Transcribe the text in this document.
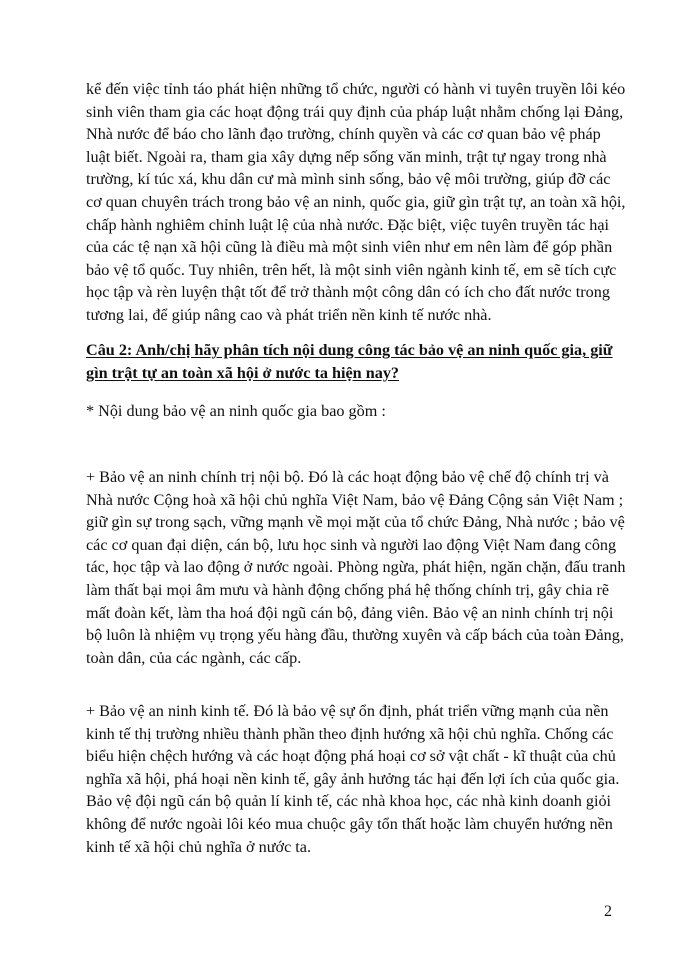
kể đến việc tỉnh táo phát hiện những tổ chức, người có hành vi tuyên truyền lôi kéo sinh viên tham gia các hoạt động trái quy định của pháp luật nhằm chống lại Đảng, Nhà nước để báo cho lãnh đạo trường, chính quyền và các cơ quan bảo vệ pháp luật biết. Ngoài ra, tham gia xây dựng nếp sống văn minh, trật tự ngay trong nhà trường, kí túc xá, khu dân cư mà mình sinh sống, bảo vệ môi trường, giúp đỡ các cơ quan chuyên trách trong bảo vệ an ninh, quốc gia, giữ gìn trật tự, an toàn xã hội, chấp hành nghiêm chỉnh luật lệ của nhà nước. Đặc biệt, việc tuyên truyền tác hại của các tệ nạn xã hội cũng là điều mà một sinh viên như em nên làm để góp phần bảo vệ tổ quốc. Tuy nhiên, trên hết, là một sinh viên ngành kinh tế, em sẽ tích cực học tập và rèn luyện thật tốt để trở thành một công dân có ích cho đất nước trong tương lai, để giúp nâng cao và phát triển nền kinh tế nước nhà.
Câu 2: Anh/chị hãy phân tích nội dung công tác bảo vệ an ninh quốc gia, giữ gìn trật tự an toàn xã hội ở nước ta hiện nay?
* Nội dung bảo vệ an ninh quốc gia bao gồm :
+ Bảo vệ an ninh chính trị nội bộ. Đó là các hoạt động bảo vệ chế độ chính trị và Nhà nước Cộng hoà xã hội chủ nghĩa Việt Nam, bảo vệ Đảng Cộng sản Việt Nam ; giữ gìn sự trong sạch, vững mạnh về mọi mặt của tổ chức Đảng, Nhà nước ; bảo vệ các cơ quan đại diện, cán bộ, lưu học sinh và người lao động Việt Nam đang công tác, học tập và lao động ở nước ngoài. Phòng ngừa, phát hiện, ngăn chặn, đấu tranh làm thất bại mọi âm mưu và hành động chống phá hệ thống chính trị, gây chia rẽ mất đoàn kết, làm tha hoá đội ngũ cán bộ, đảng viên. Bảo vệ an ninh chính trị nội bộ luôn là nhiệm vụ trọng yếu hàng đầu, thường xuyên và cấp bách của toàn Đảng, toàn dân, của các ngành, các cấp.
+ Bảo vệ an ninh kinh tế. Đó là bảo vệ sự ổn định, phát triển vững mạnh của nền kinh tế thị trường nhiều thành phần theo định hướng xã hội chủ nghĩa. Chống các biểu hiện chệch hướng và các hoạt động phá hoại cơ sở vật chất - kĩ thuật của chủ nghĩa xã hội, phá hoại nền kinh tế, gây ảnh hưởng tác hại đến lợi ích của quốc gia. Bảo vệ đội ngũ cán bộ quản lí kinh tế, các nhà khoa học, các nhà kinh doanh giỏi không để nước ngoài lôi kéo mua chuộc gây tổn thất hoặc làm chuyển hướng nền kinh tế xã hội chủ nghĩa ở nước ta.
2
